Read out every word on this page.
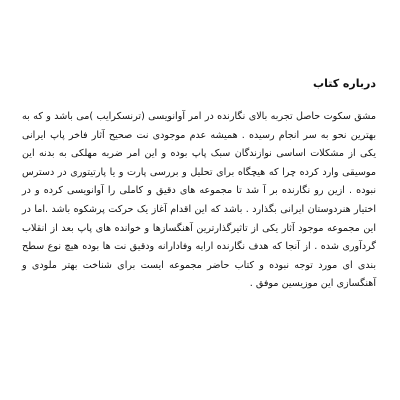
درباره کتاب

مشق سکوت حاصل تجربه بالای نگارنده در امر آوانویسی (ترنسکرایب )می باشد و که به بهترین نحو به سر انجام رسیده . همیشه عدم موجودی نت صحیح آثار فاخر پاپ ایرانی یکی از مشکلات اساسی نوازندگان سبک پاپ بوده و این امر ضربه مهلکی به بدنه این موسیقی وارد کرده چرا که هیچگاه برای تحلیل و بررسی پارت و یا پارتیتوری در دسترس نبوده . ازین رو نگارنده بر آ شد تا مجموعه های دقیق و کاملی را آوانویسی کرده و در اختیار هنردوستان ایرانی بگذارد . باشد که این اقدام آغاز یک حرکت پرشکوه باشد .اما در این مجموعه موجود آثار یکی از تاثیرگذارترین آهنگسازها و خوانده های پاپ بعد از انقلاب گردآوری شده . از آنجا که هدف نگارنده ارایه وفادارانه ودقیق نت ها بوده هیچ نوع سطح بندی ای مورد توجه نبوده و کتاب حاضر مجموعه ایست برای شناخت بهتر ملودی و آهنگسازی این موزیسین موفق .
